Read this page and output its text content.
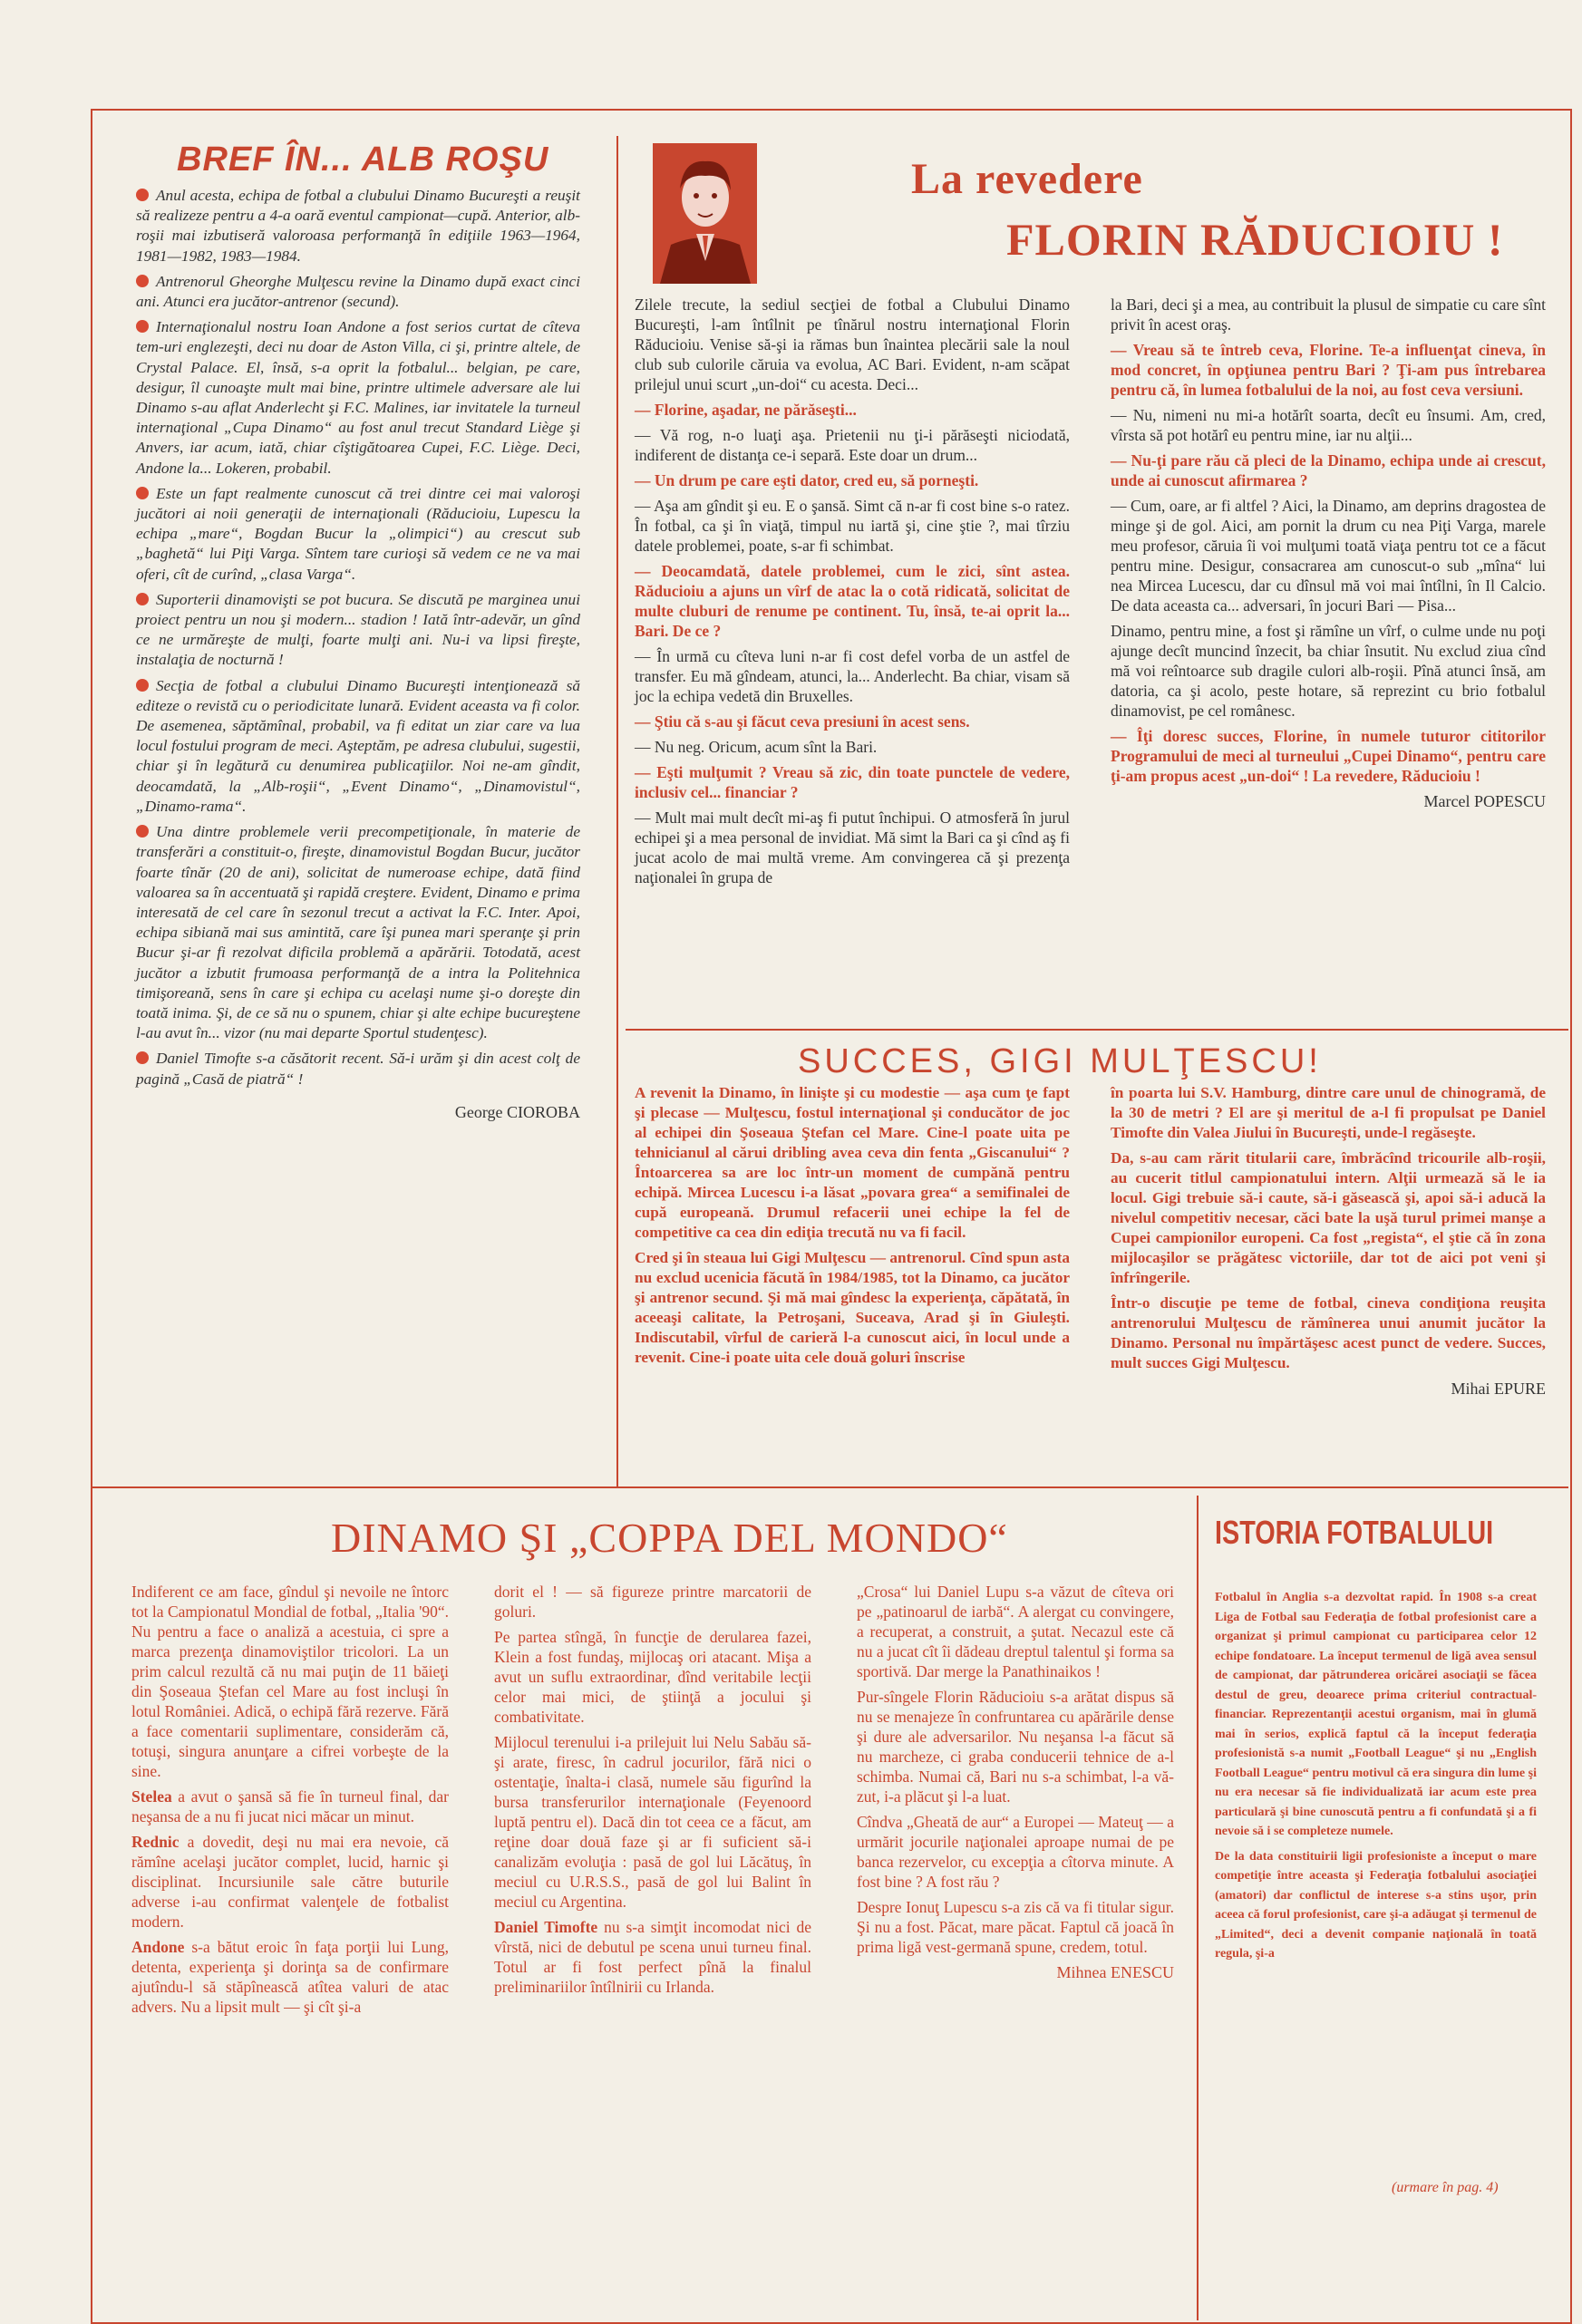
BREF ÎN... ALB ROŞU

Anul acesta, echipa de fotbal a clubului Dinamo Bucureşti a reuşit să realizeze pentru a 4-a oară eventul campionat—cupă. Anterior, alb-roşii mai izbutiseră valoroasa performanţă în ediţiile 1963—1964, 1981—1982, 1983—1984.

Antrenorul Gheorghe Mulţescu revine la Dinamo după exact cinci ani. Atunci era jucător-antrenor (secund).

Internaţionalul nostru Ioan Andone a fost serios curtat de cîteva tem-uri englezeşti, deci nu doar de Aston Villa, ci şi, printre altele, de Crystal Palace. El, însă, s-a oprit la fotbalul... belgian, pe care, desigur, îl cunoaşte mult mai bine, printre ultimele adversare ale lui Dinamo s-au aflat Anderlecht şi F.C. Malines, iar invitatele la turneul internaţional „Cupa Dinamo“ au fost anul trecut Standard Liège şi Anvers, iar acum, iată, chiar cîştigătoarea Cupei, F.C. Liège. Deci, Andone la... Lokeren, probabil.

Este un fapt realmente cunoscut că trei dintre cei mai valoroşi jucători ai noii generaţii de internaţionali (Răducioiu, Lupescu la echipa „mare“, Bogdan Bucur la „olimpici“) au crescut sub „baghetă“ lui Piţi Varga. Sîntem tare curioşi să vedem ce ne va mai oferi, cît de curînd, „clasa Varga“.

Suporterii dinamovişti se pot bucura. Se discută pe marginea unui proiect pentru un nou şi modern... stadion ! Iată într-adevăr, un gînd ce ne urmăreşte de mulţi, foarte mulţi ani. Nu-i va lipsi fireşte, instalaţia de nocturnă !

Secţia de fotbal a clubului Dinamo Bucureşti intenţionează să editeze o revistă cu o periodicitate lunară. Evident aceasta va fi color. De asemenea, săptămînal, probabil, va fi editat un ziar care va lua locul fostului program de meci. Aşteptăm, pe adresa clubului, sugestii, chiar şi în legătură cu denumirea publicaţiilor. Noi ne-am gîndit, deocamdată, la „Alb-roşii“, „Event Dinamo“, „Dinamovistul“, „Dinamo-rama“.

Una dintre problemele verii precompetiţionale, în materie de transferări a constituit-o, fireşte, dinamovistul Bogdan Bucur, jucător foarte tînăr (20 de ani), solicitat de numeroase echipe, dată fiind valoarea sa în accentuată şi rapidă creştere. Evident, Dinamo e prima interesată de cel care în sezonul trecut a activat la F.C. Inter. Apoi, echipa sibiană mai sus amintită, care îşi punea mari speranţe şi prin Bucur şi-ar fi rezolvat dificila problemă a apărării. Totodată, acest jucător a izbutit frumoasa performanţă de a intra la Politehnica timişoreană, sens în care şi echipa cu acelaşi nume şi-o doreşte din toată inima. Şi, de ce să nu o spunem, chiar şi alte echipe bucureştene l-au avut în... vizor (nu mai departe Sportul studenţesc).

Daniel Timofte s-a căsătorit recent. Să-i urăm şi din acest colţ de pagină „Casă de piatră“ !

George CIOROBA

La revedere
FLORIN RĂDUCIOIU !

Zilele trecute, la sediul secţiei de fotbal a Clubului Dinamo Bucureşti, l-am întîlnit pe tînărul nostru internaţional Florin Răducioiu. Venise să-şi ia rămas bun înaintea plecării sale la noul club sub culorile căruia va evolua, AC Bari. Evident, n-am scăpat prilejul unui scurt „un-doi“ cu acesta. Deci...

— Florine, aşadar, ne părăseşti...

— Vă rog, n-o luaţi aşa. Prietenii nu ţi-i părăseşti niciodată, indiferent de distanţa ce-i separă. Este doar un drum...

— Un drum pe care eşti dator, cred eu, să porneşti.

— Aşa am gîndit şi eu. E o şansă. Simt că n-ar fi cost bine s-o ratez. În fotbal, ca şi în viaţă, timpul nu iartă şi, cine ştie ?, mai tîrziu datele problemei, poate, s-ar fi schimbat.

— Deocamdată, datele problemei, cum le zici, sînt astea. Răducioiu a ajuns un vîrf de atac la o cotă ridicată, solicitat de multe cluburi de renume pe continent. Tu, însă, te-ai oprit la... Bari. De ce ?

— În urmă cu cîteva luni n-ar fi cost defel vorba de un astfel de transfer. Eu mă gîndeam, atunci, la... Anderlecht. Ba chiar, visam să joc la echipa vedetă din Bruxelles.

— Ştiu că s-au şi făcut ceva presiuni în acest sens.

— Nu neg. Oricum, acum sînt la Bari.

— Eşti mulţumit ? Vreau să zic, din toate punctele de vedere, inclusiv cel... financiar ?

— Mult mai mult decît mi-aş fi putut închipui. O atmosferă în jurul echipei şi a mea personal de invidiat. Mă simt la Bari ca şi cînd aş fi jucat acolo de mai multă vreme. Am convingerea că şi prezenţa naţionalei în grupa de

la Bari, deci şi a mea, au contribuit la plusul de simpatie cu care sînt privit în acest oraş.

— Vreau să te întreb ceva, Florine. Te-a influenţat cineva, în mod concret, în opţiunea pentru Bari ? Ţi-am pus întrebarea pentru că, în lumea fotbalului de la noi, au fost ceva versiuni.

— Nu, nimeni nu mi-a hotărît soarta, decît eu însumi. Am, cred, vîrsta să pot hotărî eu pentru mine, iar nu alţii...

— Nu-ţi pare rău că pleci de la Dinamo, echipa unde ai crescut, unde ai cunoscut afirmarea ?

— Cum, oare, ar fi altfel ? Aici, la Dinamo, am deprins dragostea de minge şi de gol. Aici, am pornit la drum cu nea Piţi Varga, marele meu profesor, căruia îi voi mulţumi toată viaţa pentru tot ce a făcut pentru mine. Desigur, consacrarea am cunoscut-o sub „mîna“ lui nea Mircea Lucescu, dar cu dînsul mă voi mai întîlni, în Il Calcio. De data aceasta ca... adversari, în jocuri Bari — Pisa...

Dinamo, pentru mine, a fost şi rămîne un vîrf, o culme unde nu poţi ajunge decît muncind înzecit, ba chiar însutit. Nu exclud ziua cînd mă voi reîntoarce sub dragile culori alb-roşii. Pînă atunci însă, am datoria, ca şi acolo, peste hotare, să reprezint cu brio fotbalul dinamovist, pe cel românesc.

— Îţi doresc succes, Florine, în numele tuturor cititorilor Programului de meci al turneului „Cupei Dinamo“, pentru care ţi-am propus acest „un-doi“ ! La revedere, Răducioiu !

Marcel POPESCU

SUCCES, GIGI MULŢESCU!

A revenit la Dinamo, în linişte şi cu modestie — aşa cum ţe fapt şi plecase — Mulţescu, fostul internaţional şi conducător de joc al echipei din Şoseaua Ştefan cel Mare. Cine-l poate uita pe tehnicianul al cărui dribling avea ceva din fenta „Giscanului“ ? Întoarcerea sa are loc într-un moment de cumpănă pentru echipă. Mircea Lucescu i-a lăsat „povara grea“ a semifinalei de cupă europeană. Drumul refacerii unei echipe la fel de competitive ca cea din ediţia trecută nu va fi facil.

Cred şi în steaua lui Gigi Mulţescu — antrenorul. Cînd spun asta nu exclud ucenicia făcută în 1984/1985, tot la Dinamo, ca jucător şi antrenor secund. Şi mă mai gîndesc la experienţa, căpătată, în aceeaşi calitate, la Petroşani, Suceava, Arad şi în Giuleşti. Indiscutabil, vîrful de carieră l-a cunoscut aici, în locul unde a revenit. Cine-i poate uita cele două goluri înscrise

în poarta lui S.V. Hamburg, dintre care unul de chinogramă, de la 30 de metri ? El are şi meritul de a-l fi propulsat pe Daniel Timofte din Valea Jiului în Bucureşti, unde-l regăseşte.

Da, s-au cam rărit titularii care, îmbrăcînd tricourile alb-roşii, au cucerit titlul campionatului intern. Alţii urmează să le ia locul. Gigi trebuie să-i caute, să-i găsească şi, apoi să-i aducă la nivelul competitiv necesar, căci bate la uşă turul primei manşe a Cupei campionilor europeni. Ca fost „regista“, el ştie că în zona mijlocaşilor se prăgătesc victoriile, dar tot de aici pot veni şi înfrîngerile.

Într-o discuţie pe teme de fotbal, cineva condiţiona reuşita antrenorului Mulţescu de rămînerea unui anumit jucător la Dinamo. Personal nu împărtăşesc acest punct de vedere. Succes, mult succes Gigi Mulţescu.

Mihai EPURE

DINAMO ŞI „COPPA DEL MONDO“

Indiferent ce am face, gîndul şi nevoile ne întorc tot la Campionatul Mondial de fotbal, „Italia '90“. Nu pentru a face o analiză a acestuia, ci spre a marca prezenţa dinamoviştilor tricolori. La un prim calcul rezultă că nu mai puţin de 11 băieţi din Şoseaua Ştefan cel Mare au fost incluşi în lotul României. Adică, o echipă fără rezerve. Fără a face comentarii suplimentare, considerăm că, totuşi, singura anunţare a cifrei vorbeşte de la sine.

Stelea a avut o şansă să fie în turneul final, dar neşansa de a nu fi jucat nici măcar un minut.

Rednic a dovedit, deşi nu mai era nevoie, că rămîne acelaşi jucător complet, lucid, harnic şi disciplinat. Incursiunile sale către buturile adverse i-au confirmat valenţele de fotbalist modern.

Andone s-a bătut eroic în faţa porţii lui Lung, detenta, experienţa şi dorinţa sa de confirmare ajutîndu-l să stăpînească atîtea valuri de atac advers. Nu a lipsit mult — şi cît şi-a

dorit el ! — să figureze printre marcatorii de goluri.

Pe partea stîngă, în funcţie de derularea fazei, Klein a fost fundaş, mijlocaş ori atacant. Mişa a avut un suflu extraordinar, dînd veritabile lecţii celor mai mici, de ştiinţă a jocului şi combativitate.

Mijlocul terenului i-a prilejuit lui Nelu Sabău să-şi arate, firesc, în cadrul jocurilor, fără nici o ostentaţie, înalta-i clasă, numele său figurînd la bursa transferurilor internaţionale (Feyenoord luptă pentru el). Dacă din tot ceea ce a făcut, am reţine doar două faze şi ar fi suficient să-i canalizăm evoluţia : pasă de gol lui Lăcătuş, în meciul cu U.R.S.S., pasă de gol lui Balint în meciul cu Argentina.

Daniel Timofte nu s-a simţit incomodat nici de vîrstă, nici de debutul pe scena unui turneu final. Totul ar fi fost perfect pînă la finalul preliminariilor întîlnirii cu Irlanda.

„Crosa“ lui Daniel Lupu s-a văzut de cîteva ori pe „patinoarul de iarbă“. A alergat cu convingere, a recuperat, a construit, a şutat. Necazul este că nu a jucat cît îi dădeau dreptul talentul şi forma sa sportivă. Dar merge la Panathinaikos !

Pur-sîngele Florin Răducioiu s-a arătat dispus să nu se menajeze în confruntarea cu apărările dense şi dure ale adversarilor. Nu neşansa l-a făcut să nu marcheze, ci graba conducerii tehnice de a-l schimba. Numai că, Bari nu s-a schimbat, l-a vă-zut, i-a plăcut şi l-a luat.

Cîndva „Gheată de aur“ a Europei — Mateuţ — a urmărit jocurile naţionalei aproape numai de pe banca rezervelor, cu excepţia a cîtorva minute. A fost bine ? A fost rău ?

Despre Ionuţ Lupescu s-a zis că va fi titular sigur. Şi nu a fost. Păcat, mare păcat. Faptul că joacă în prima ligă vest-germană spune, credem, totul.

Mihnea ENESCU

ISTORIA FOTBALULUI

Fotbalul în Anglia s-a dezvoltat rapid. În 1908 s-a creat Liga de Fotbal sau Federaţia de fotbal profesionist care a organizat şi primul campionat cu participarea celor 12 echipe fondatoare. La început termenul de ligă avea sensul de campionat, dar pătrunderea oricărei asociaţii se făcea destul de greu, deoarece prima criteriul contractual-financiar. Reprezentanţii acestui organism, mai în glumă mai în serios, explică faptul că la început federaţia profesionistă s-a numit „Football League“ şi nu „English Football League“ pentru motivul că era singura din lume şi nu era necesar să fie individualizată iar acum este prea particulară şi bine cunoscută pentru a fi confundată şi a fi nevoie să i se completeze numele.

De la data constituirii ligii profesioniste a început o mare competiţie între aceasta şi Federaţia fotbalului asociaţiei (amatori) dar conflictul de interese s-a stins uşor, prin aceea că forul profesionist, care şi-a adăugat şi termenul de „Limited“, deci a devenit companie naţională în toată regula, şi-a

(urmare în pag. 4)
